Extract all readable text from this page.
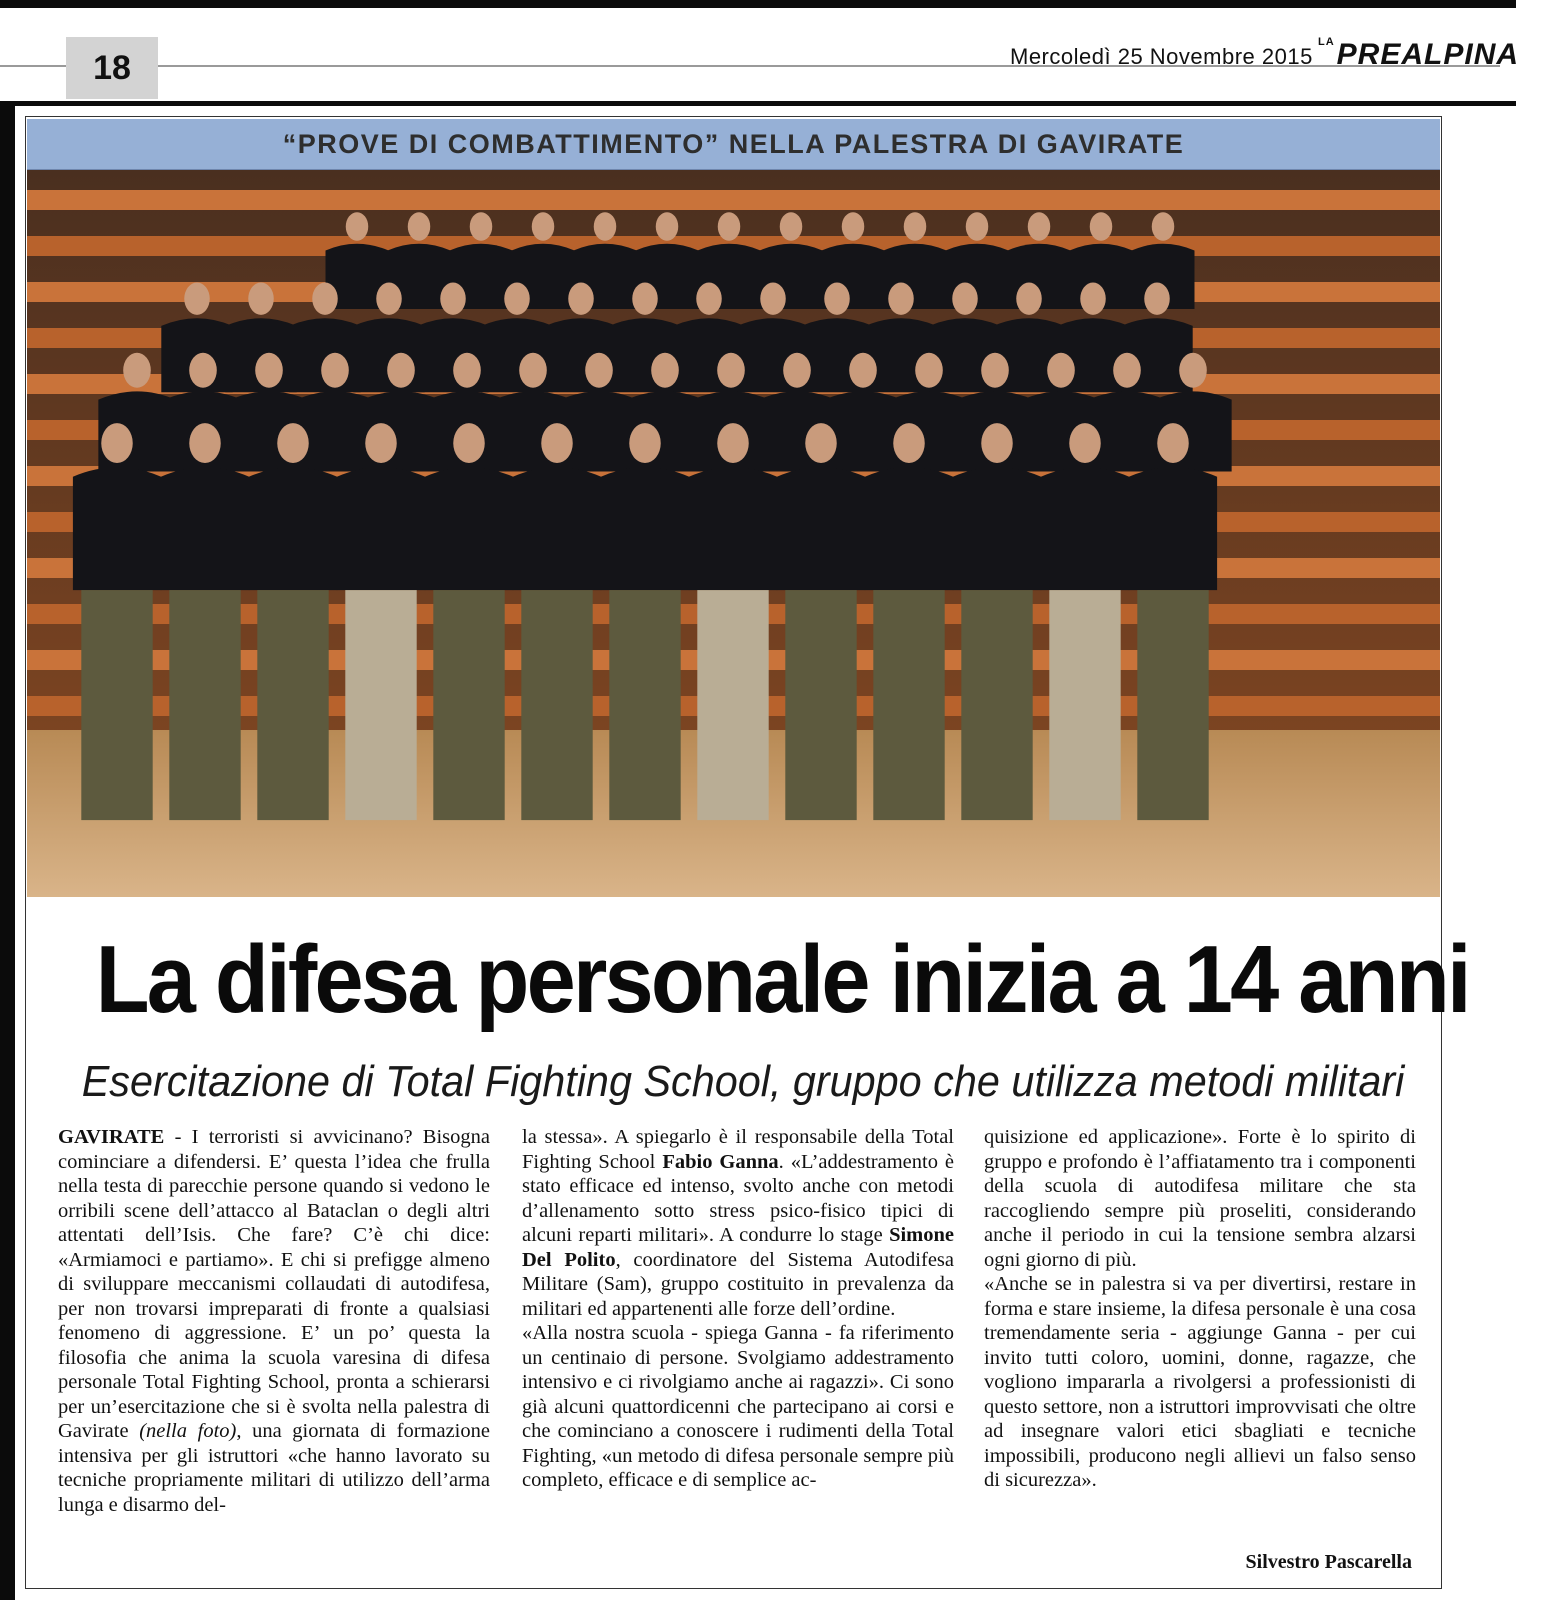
18	Mercoledì 25 Novembre 2015
$^{LA}$PREALPINA
“PROVE DI COMBATTIMENTO” NELLA PALESTRA DI GAVIRATE
La difesa personale inizia a 14 anni
Esercitazione di Total Fighting School, gruppo che utilizza metodi militari

GAVIRATE - I terroristi si avvicinano? Bisogna cominciare a difendersi. E’ questa l’idea che frulla nella testa di parecchie persone quando si vedono le orribili scene dell’attacco al Bataclan o degli altri attentati dell’Isis. Che fare? C’è chi dice: «Armiamoci e partiamo». E chi si prefigge almeno di sviluppare meccanismi collaudati di autodifesa, per non trovarsi impreparati di fronte a qualsiasi fenomeno di aggressione. E’ un po’ questa la filosofia che anima la scuola varesina di difesa personale Total Fighting School, pronta a schierarsi per un’esercitazione che si è svolta nella palestra di Gavirate (nella foto), una giornata di formazione intensiva per gli istruttori «che hanno lavorato su tecniche propriamente militari di utilizzo dell’arma lunga e disarmo del-

la stessa». A spiegarlo è il responsabile della Total Fighting School Fabio Ganna. «L’addestramento è stato efficace ed intenso, svolto anche con metodi d’allenamento sotto stress psico-fisico tipici di alcuni reparti militari». A condurre lo stage Simone Del Polito, coordinatore del Sistema Autodifesa Militare (Sam), gruppo costituito in prevalenza da militari ed appartenenti alle forze dell’ordine.

«Alla nostra scuola - spiega Ganna - fa riferimento un centinaio di persone. Svolgiamo addestramento intensivo e ci rivolgiamo anche ai ragazzi». Ci sono già alcuni quattordicenni che partecipano ai corsi e che cominciano a conoscere i rudimenti della Total Fighting, «un metodo di difesa personale sempre più completo, efficace e di semplice ac-

quisizione ed applicazione». Forte è lo spirito di gruppo e profondo è l’affiatamento tra i componenti della scuola di autodifesa militare che sta raccogliendo sempre più proseliti, considerando anche il periodo in cui la tensione sembra alzarsi ogni giorno di più.

«Anche se in palestra si va per divertirsi, restare in forma e stare insieme, la difesa personale è una cosa tremendamente seria - aggiunge Ganna - per cui invito tutti coloro, uomini, donne, ragazze, che vogliono impararla a rivolgersi a professionisti di questo settore, non a istruttori improvvisati che oltre ad insegnare valori etici sbagliati e tecniche impossibili, producono negli allievi un falso senso di sicurezza».

Silvestro Pascarella
